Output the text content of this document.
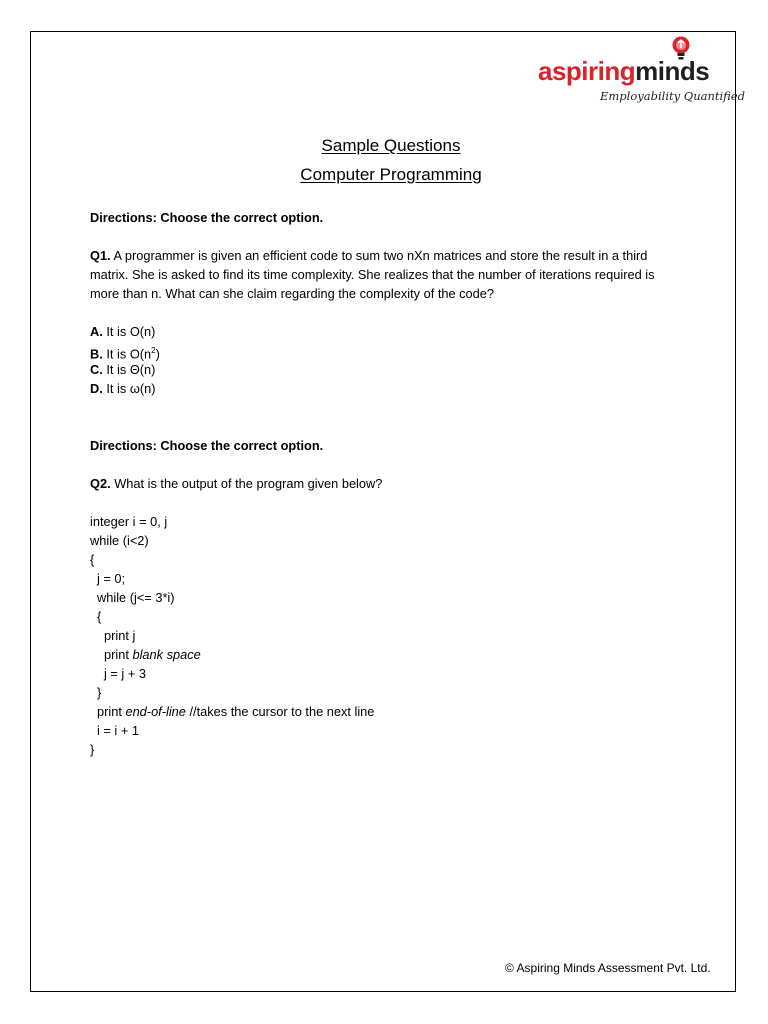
aspiringminds
Employability Quantified
Sample Questions
Computer Programming
Directions: Choose the correct option.
Q1. A programmer is given an efficient code to sum two nXn matrices and store the result in a third matrix. She is asked to find its time complexity. She realizes that the number of iterations required is more than n. What can she claim regarding the complexity of the code?
A. It is O(n)
B. It is $O(n^2)$
C. It is Θ(n)
D. It is ω(n)
Directions: Choose the correct option.
Q2. What is the output of the program given below?
integer i = 0, j
while (i<2)
{
j = 0;
while (j<= 3*i)
{
print j
print blank space
j = j + 3
}
print end-of-line //takes the cursor to the next line
i = i + 1
}
© Aspiring Minds Assessment Pvt. Ltd.
